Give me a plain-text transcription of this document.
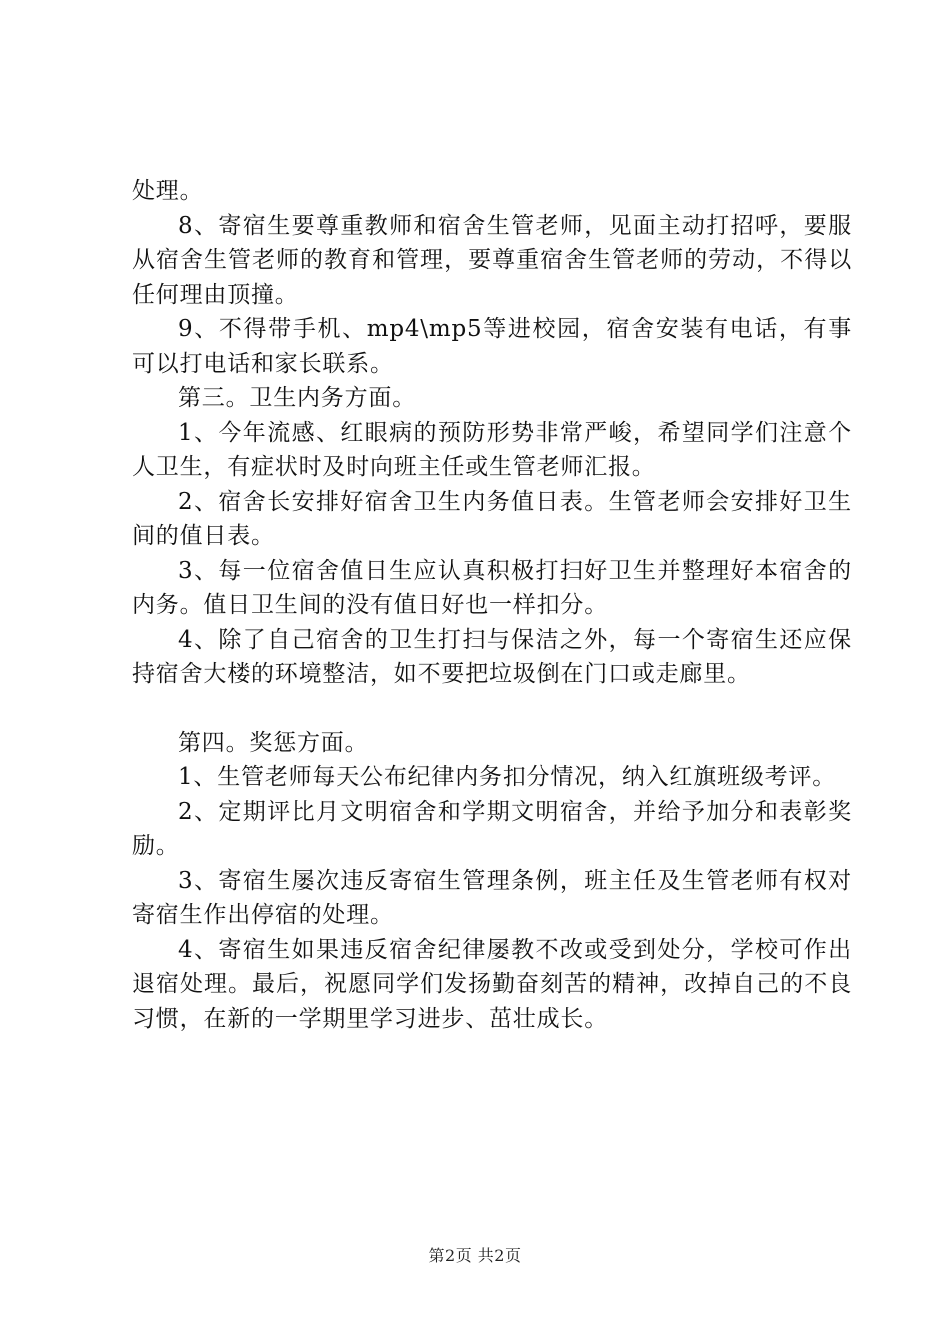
处理。

8、寄宿生要尊重教师和宿舍生管老师，见面主动打招呼，要服从宿舍生管老师的教育和管理，要尊重宿舍生管老师的劳动，不得以任何理由顶撞。

9、不得带手机、mp4\mp5等进校园，宿舍安装有电话，有事可以打电话和家长联系。

第三。卫生内务方面。

1、今年流感、红眼病的预防形势非常严峻，希望同学们注意个人卫生，有症状时及时向班主任或生管老师汇报。

2、宿舍长安排好宿舍卫生内务值日表。生管老师会安排好卫生间的值日表。

3、每一位宿舍值日生应认真积极打扫好卫生并整理好本宿舍的内务。值日卫生间的没有值日好也一样扣分。

4、除了自己宿舍的卫生打扫与保洁之外，每一个寄宿生还应保持宿舍大楼的环境整洁，如不要把垃圾倒在门口或走廊里。

第四。奖惩方面。

1、生管老师每天公布纪律内务扣分情况，纳入红旗班级考评。

2、定期评比月文明宿舍和学期文明宿舍，并给予加分和表彰奖励。

3、寄宿生屡次违反寄宿生管理条例，班主任及生管老师有权对寄宿生作出停宿的处理。

4、寄宿生如果违反宿舍纪律屡教不改或受到处分，学校可作出退宿处理。最后，祝愿同学们发扬勤奋刻苦的精神，改掉自己的不良习惯，在新的一学期里学习进步、茁壮成长。

第2页 共2页
